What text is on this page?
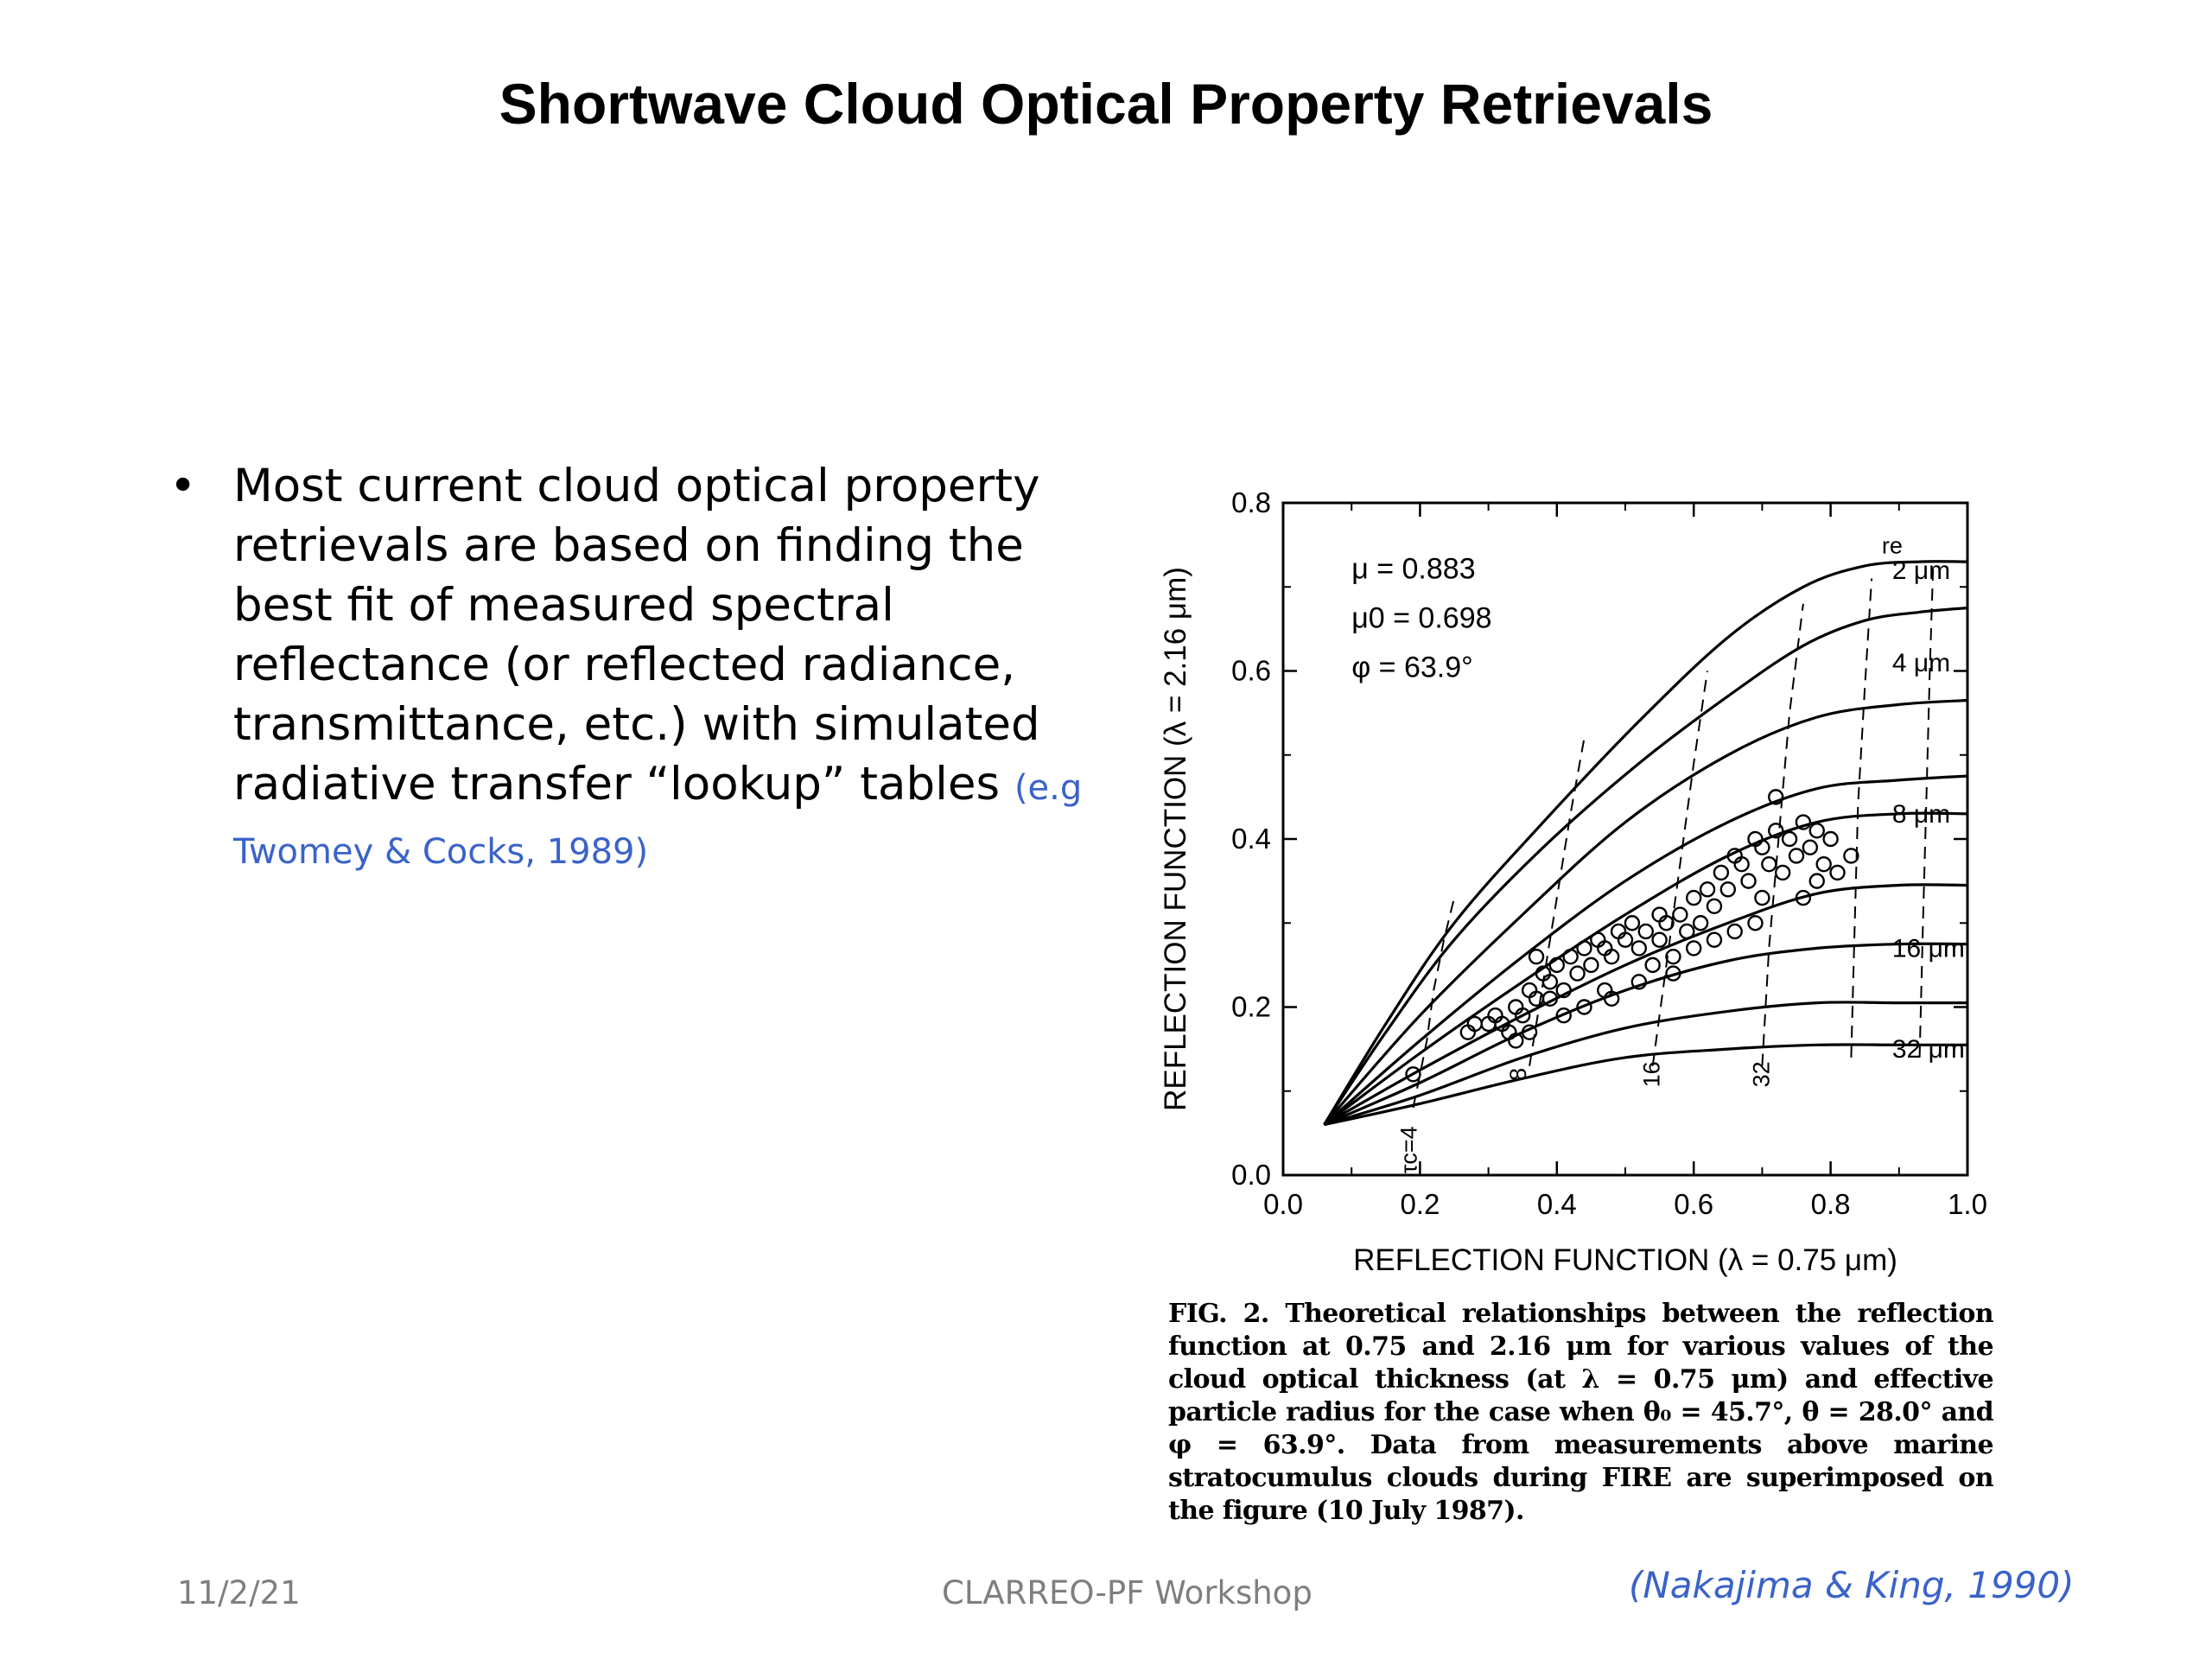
Shortwave Cloud Optical Property Retrievals
• Most current cloud optical property retrievals are based on finding the best fit of measured spectral reflectance (or reflected radiance, transmittance, etc.) with simulated radiative transfer “lookup” tables (e.g Twomey & Cocks, 1989)
0.0	0.2	0.4	0.6	0.8	1.0
0.0
0.2
0.4
0.6
0.8
REFLECTION FUNCTION (λ = 0.75 μm)
REFLECTION FUNCTION (λ = 2.16 μm)	μ = 0.883
μ0 = 0.698
φ = 63.9°
re
2 μm
4 μm
8 μm
16 μm
32 μm
τc=4
8	16	32
FIG. 2. Theoretical relationships between the reflection function at 0.75 and 2.16 μm for various values of the cloud optical thickness (at λ = 0.75 μm) and effective particle radius for the case when θ₀ = 45.7°, θ = 28.0° and φ = 63.9°. Data from measurements above marine stratocumulus clouds during FIRE are superimposed on the figure (10 July 1987).
11/2/21	CLARREO-PF Workshop	(Nakajima & King, 1990)
